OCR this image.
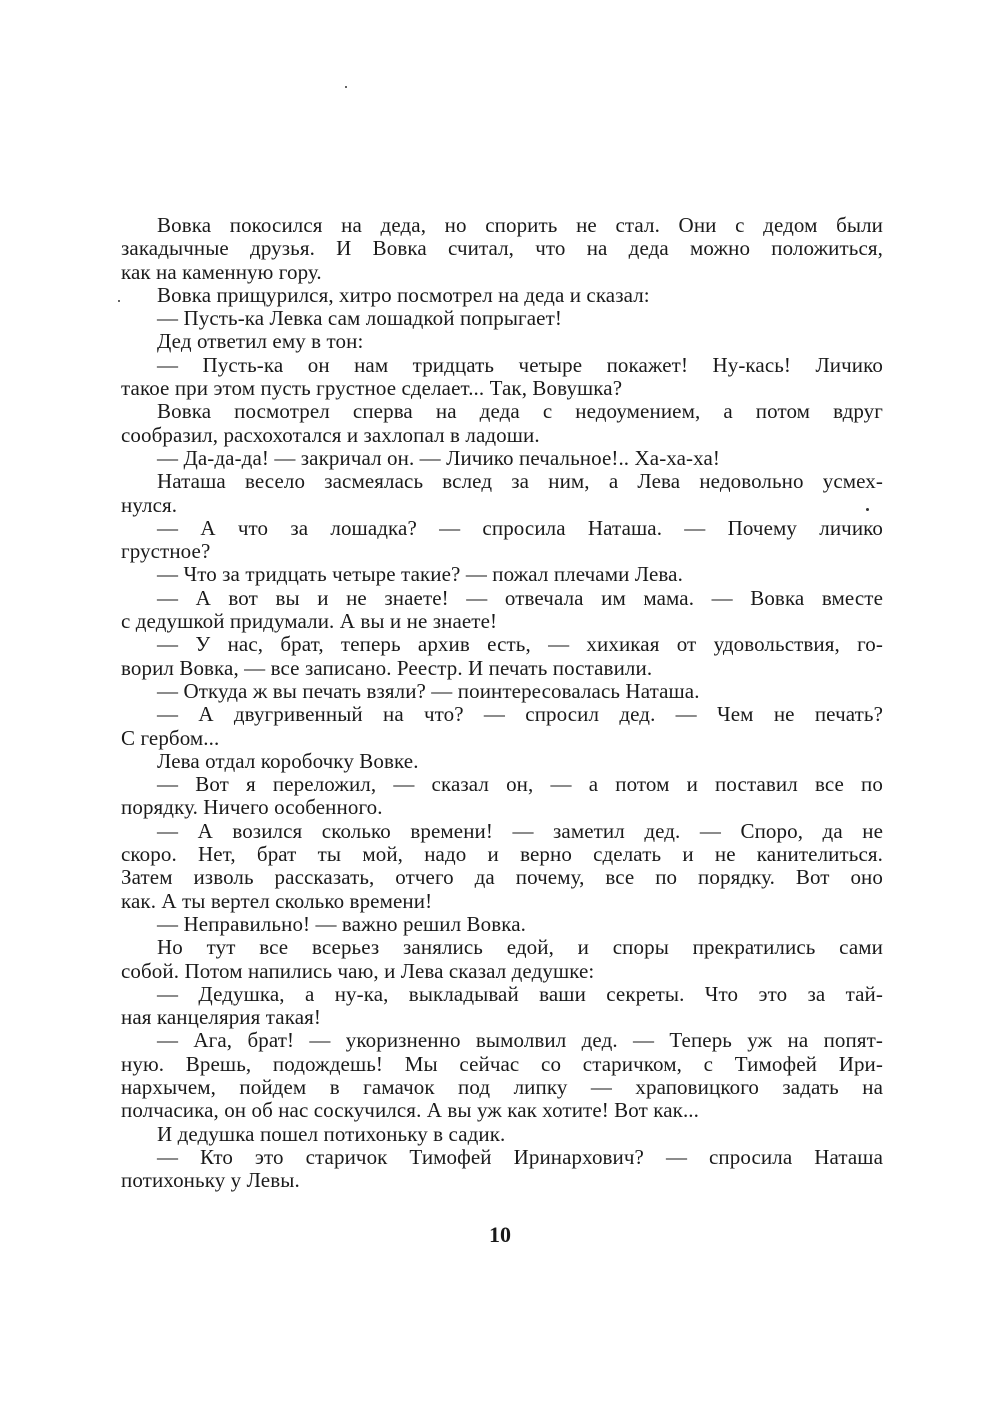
Вовка покосился на деда, но спорить не стал. Они с дедом были
закадычные друзья. И Вовка считал, что на деда можно положиться,
как на каменную гору.
Вовка прищурился, хитро посмотрел на деда и сказал:
— Пусть-ка Левка сам лошадкой попрыгает!
Дед ответил ему в тон:
— Пусть-ка он нам тридцать четыре покажет! Ну-кась! Личико
такое при этом пусть грустное сделает... Так, Вовушка?
Вовка посмотрел сперва на деда с недоумением, а потом вдруг
сообразил, расхохотался и захлопал в ладоши.
— Да-да-да! — закричал он. — Личико печальное!.. Ха-ха-ха!
Наташа весело засмеялась вслед за ним, а Лева недовольно усмех-
нулся.
— А что за лошадка? — спросила Наташа. — Почему личико
грустное?
— Что за тридцать четыре такие? — пожал плечами Лева.
— А вот вы и не знаете! — отвечала им мама. — Вовка вместе
с дедушкой придумали. А вы и не знаете!
— У нас, брат, теперь архив есть, — хихикая от удовольствия, го-
ворил Вовка, — все записано. Реестр. И печать поставили.
— Откуда ж вы печать взяли? — поинтересовалась Наташа.
— А двугривенный на что? — спросил дед. — Чем не печать?
С гербом...
Лева отдал коробочку Вовке.
— Вот я переложил, — сказал он, — а потом и поставил все по
порядку. Ничего особенного.
— А возился сколько времени! — заметил дед. — Споро, да не
скоро. Нет, брат ты мой, надо и верно сделать и не канителиться.
Затем изволь рассказать, отчего да почему, все по порядку. Вот оно
как. А ты вертел сколько времени!
— Неправильно! — важно решил Вовка.
Но тут все всерьез занялись едой, и споры прекратились сами
собой. Потом напились чаю, и Лева сказал дедушке:
— Дедушка, а ну-ка, выкладывай ваши секреты. Что это за тай-
ная канцелярия такая!
— Ага, брат! — укоризненно вымолвил дед. — Теперь уж на попят-
ную. Врешь, подождешь! Мы сейчас со старичком, с Тимофей Ири-
нархычем, пойдем в гамачок под липку — храповицкого задать на
полчасика, он об нас соскучился. А вы уж как хотите! Вот как...
И дедушка пошел потихоньку в садик.
— Кто это старичок Тимофей Иринархович? — спросила Наташа
потихоньку у Левы.
10
